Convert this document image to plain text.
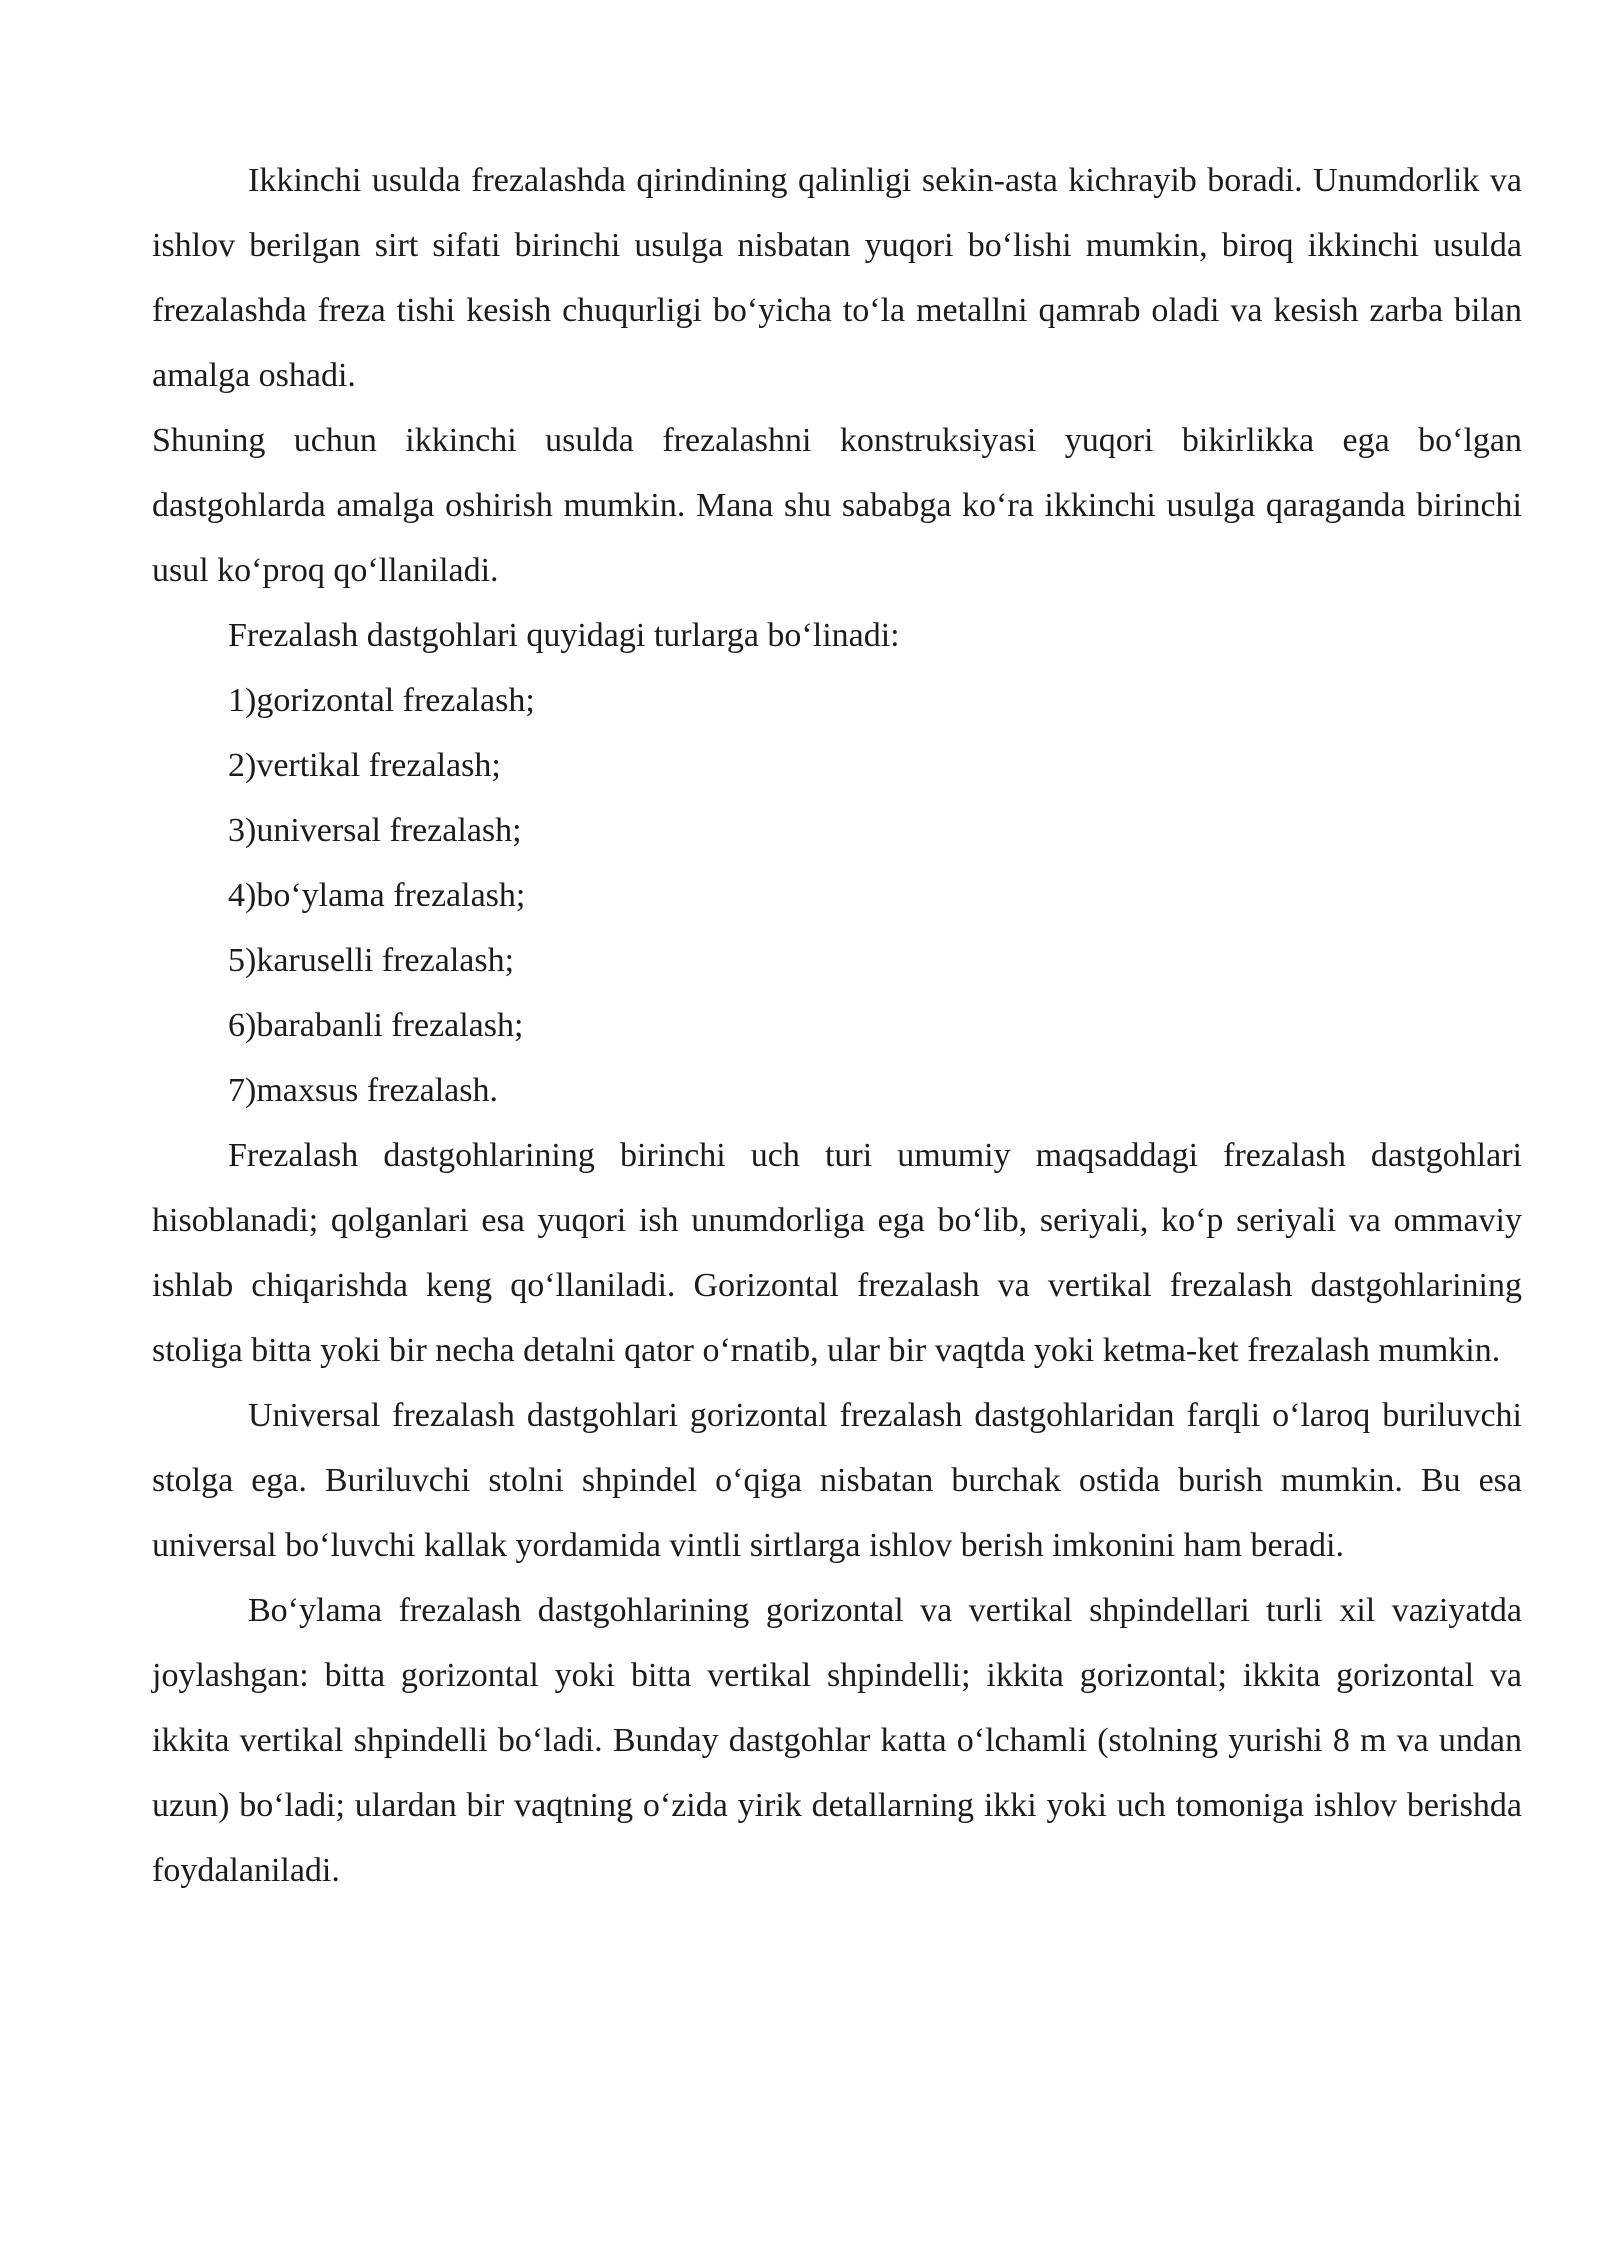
Ikkinchi usulda frezalashda qirindining qalinligi sekin-asta kichrayib boradi. Unumdorlik va ishlov berilgan sirt sifati birinchi usulga nisbatan yuqori bo‘lishi mumkin, biroq ikkinchi usulda frezalashda freza tishi kesish chuqurligi bo‘yicha to‘la metallni qamrab oladi va kesish zarba bilan amalga oshadi.

Shuning uchun ikkinchi usulda frezalashni konstruksiyasi yuqori bikirlikka ega bo‘lgan dastgohlarda amalga oshirish mumkin. Mana shu sababga ko‘ra ikkinchi usulga qaraganda birinchi usul ko‘proq qo‘llaniladi.

Frezalash dastgohlari quyidagi turlarga bo‘linadi:

1)gorizontal frezalash;
2)vertikal frezalash;
3)universal frezalash;
4)bo‘ylama frezalash;
5)karuselli frezalash;
6)barabanli frezalash;
7)maxsus frezalash.

Frezalash dastgohlarining birinchi uch turi umumiy maqsaddagi frezalash dastgohlari hisoblanadi; qolganlari esa yuqori ish unumdorliga ega bo‘lib, seriyali, ko‘p seriyali va ommaviy ishlab chiqarishda keng qo‘llaniladi. Gorizontal frezalash va vertikal frezalash dastgohlarining stoliga bitta yoki bir necha detalni qator o‘rnatib, ular bir vaqtda yoki ketma-ket frezalash mumkin.

Universal frezalash dastgohlari gorizontal frezalash dastgohlaridan farqli o‘laroq buriluvchi stolga ega. Buriluvchi stolni shpindel o‘qiga nisbatan burchak ostida burish mumkin. Bu esa universal bo‘luvchi kallak yordamida vintli sirtlarga ishlov berish imkonini ham beradi.

Bo‘ylama frezalash dastgohlarining gorizontal va vertikal shpindellari turli xil vaziyatda joylashgan: bitta gorizontal yoki bitta vertikal shpindelli; ikkita gorizontal; ikkita gorizontal va ikkita vertikal shpindelli bo‘ladi. Bunday dastgohlar katta o‘lchamli (stolning yurishi 8 m va undan uzun) bo‘ladi; ulardan bir vaqtning o‘zida yirik detallarning ikki yoki uch tomoniga ishlov berishda foydalaniladi.
